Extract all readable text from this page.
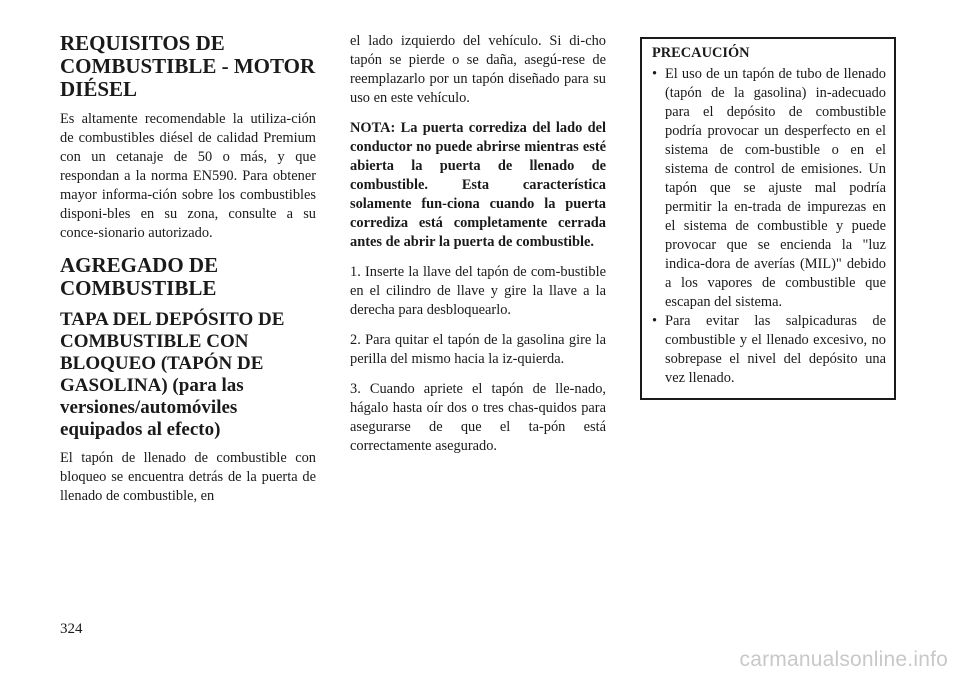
REQUISITOS DE COMBUSTIBLE - MOTOR DIÉSEL

Es altamente recomendable la utiliza-ción de combustibles diésel de calidad Premium con un cetanaje de 50 o más, y que respondan a la norma EN590. Para obtener mayor informa-ción sobre los combustibles disponi-bles en su zona, consulte a su conce-sionario autorizado.

AGREGADO DE COMBUSTIBLE
TAPA DEL DEPÓSITO DE COMBUSTIBLE CON BLOQUEO (TAPÓN DE GASOLINA) (para las versiones/automóviles equipados al efecto)

El tapón de llenado de combustible con bloqueo se encuentra detrás de la puerta de llenado de combustible, en

el lado izquierdo del vehículo. Si di-cho tapón se pierde o se daña, asegú-rese de reemplazarlo por un tapón diseñado para su uso en este vehículo.

NOTA: La puerta corrediza del lado del conductor no puede abrirse mientras esté abierta la puerta de llenado de combustible. Esta característica solamente fun-ciona cuando la puerta corrediza está completamente cerrada antes de abrir la puerta de combustible.

1. Inserte la llave del tapón de com-bustible en el cilindro de llave y gire la llave a la derecha para desbloquearlo.

2. Para quitar el tapón de la gasolina gire la perilla del mismo hacia la iz-quierda.

3. Cuando apriete el tapón de lle-nado, hágalo hasta oír dos o tres chas-quidos para asegurarse de que el ta-pón está correctamente asegurado.

PRECAUCIÓN
• El uso de un tapón de tubo de llenado (tapón de la gasolina) in-adecuado para el depósito de combustible podría provocar un desperfecto en el sistema de com-bustible o en el sistema de control de emisiones. Un tapón que se ajuste mal podría permitir la en-trada de impurezas en el sistema de combustible y puede provocar que se encienda la "luz indica-dora de averías (MIL)" debido a los vapores de combustible que escapan del sistema.
• Para evitar las salpicaduras de combustible y el llenado excesivo, no sobrepase el nivel del depósito una vez llenado.
324
carmanualsonline.info
